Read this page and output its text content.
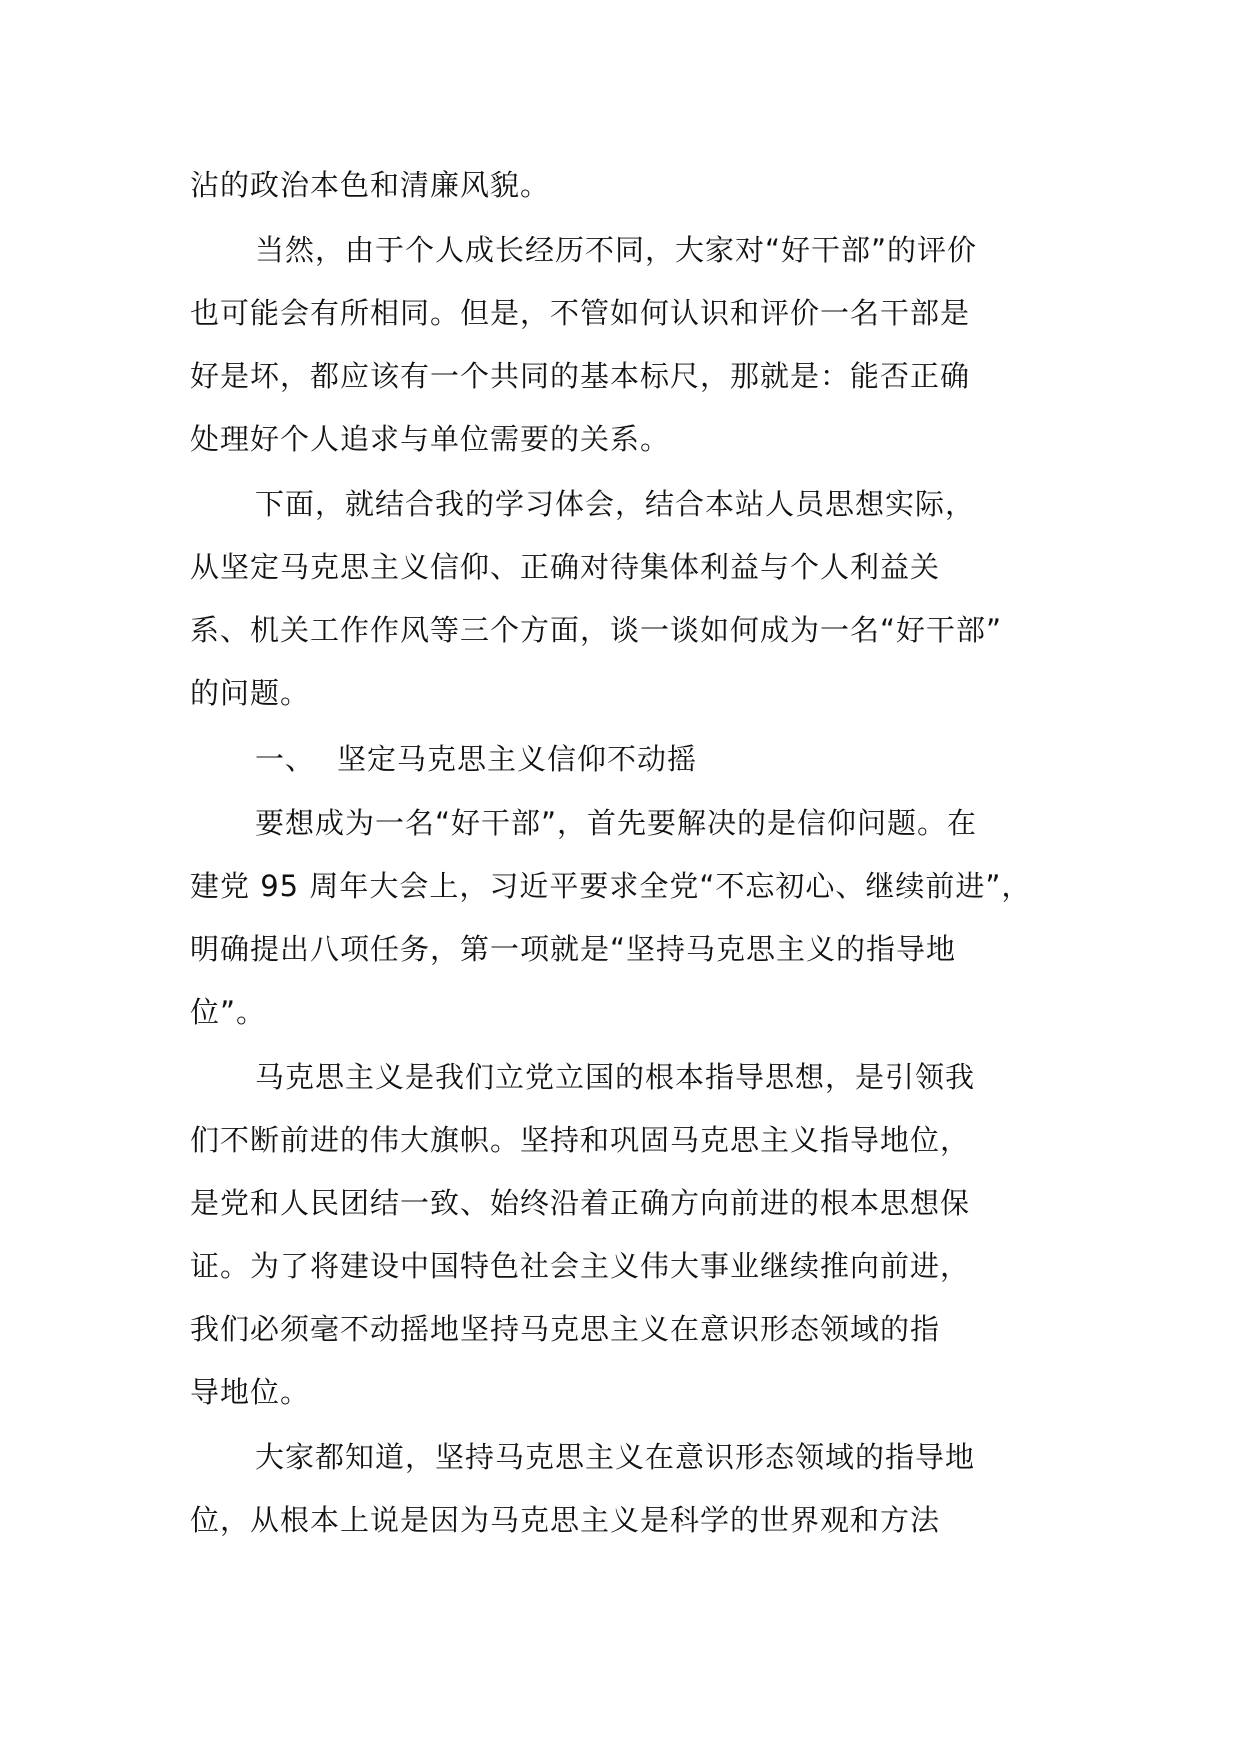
沾的政治本色和清廉风貌。
当然，由于个人成长经历不同，大家对“好干部”的评价
也可能会有所相同。但是，不管如何认识和评价一名干部是
好是坏，都应该有一个共同的基本标尺，那就是：能否正确
处理好个人追求与单位需要的关系。
下面，就结合我的学习体会，结合本站人员思想实际，
从坚定马克思主义信仰、正确对待集体利益与个人利益关
系、机关工作作风等三个方面，谈一谈如何成为一名“好干部”
的问题。
一、 坚定马克思主义信仰不动摇
要想成为一名“好干部”，首先要解决的是信仰问题。在
建党 95 周年大会上，习近平要求全党“不忘初心、继续前进”，
明确提出八项任务，第一项就是“坚持马克思主义的指导地
位”。
马克思主义是我们立党立国的根本指导思想，是引领我
们不断前进的伟大旗帜。坚持和巩固马克思主义指导地位，
是党和人民团结一致、始终沿着正确方向前进的根本思想保
证。为了将建设中国特色社会主义伟大事业继续推向前进，
我们必须毫不动摇地坚持马克思主义在意识形态领域的指
导地位。
大家都知道，坚持马克思主义在意识形态领域的指导地
位，从根本上说是因为马克思主义是科学的世界观和方法
